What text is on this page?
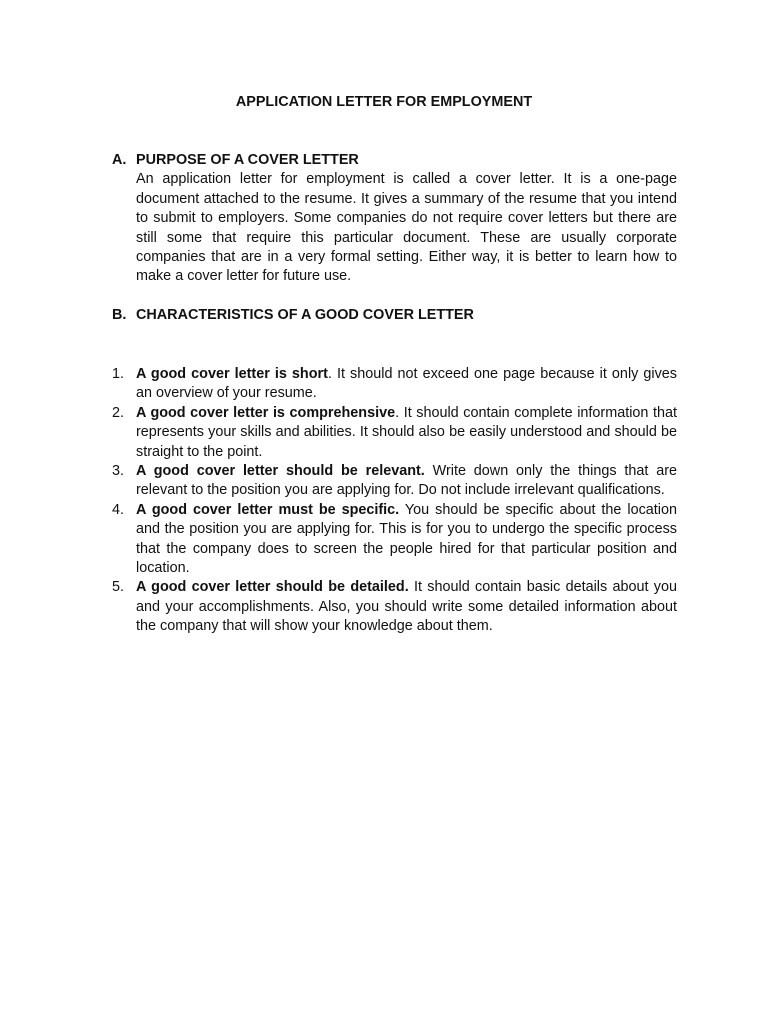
APPLICATION LETTER FOR EMPLOYMENT
A. PURPOSE OF A COVER LETTER
An application letter for employment is called a cover letter. It is a one-page document attached to the resume. It gives a summary of the resume that you intend to submit to employers. Some companies do not require cover letters but there are still some that require this particular document. These are usually corporate companies that are in a very formal setting. Either way, it is better to learn how to make a cover letter for future use.
B. CHARACTERISTICS OF A GOOD COVER LETTER
1. A good cover letter is short. It should not exceed one page because it only gives an overview of your resume.
2. A good cover letter is comprehensive. It should contain complete information that represents your skills and abilities. It should also be easily understood and should be straight to the point.
3. A good cover letter should be relevant. Write down only the things that are relevant to the position you are applying for. Do not include irrelevant qualifications.
4. A good cover letter must be specific. You should be specific about the location and the position you are applying for. This is for you to undergo the specific process that the company does to screen the people hired for that particular position and location.
5. A good cover letter should be detailed. It should contain basic details about you and your accomplishments. Also, you should write some detailed information about the company that will show your knowledge about them.
